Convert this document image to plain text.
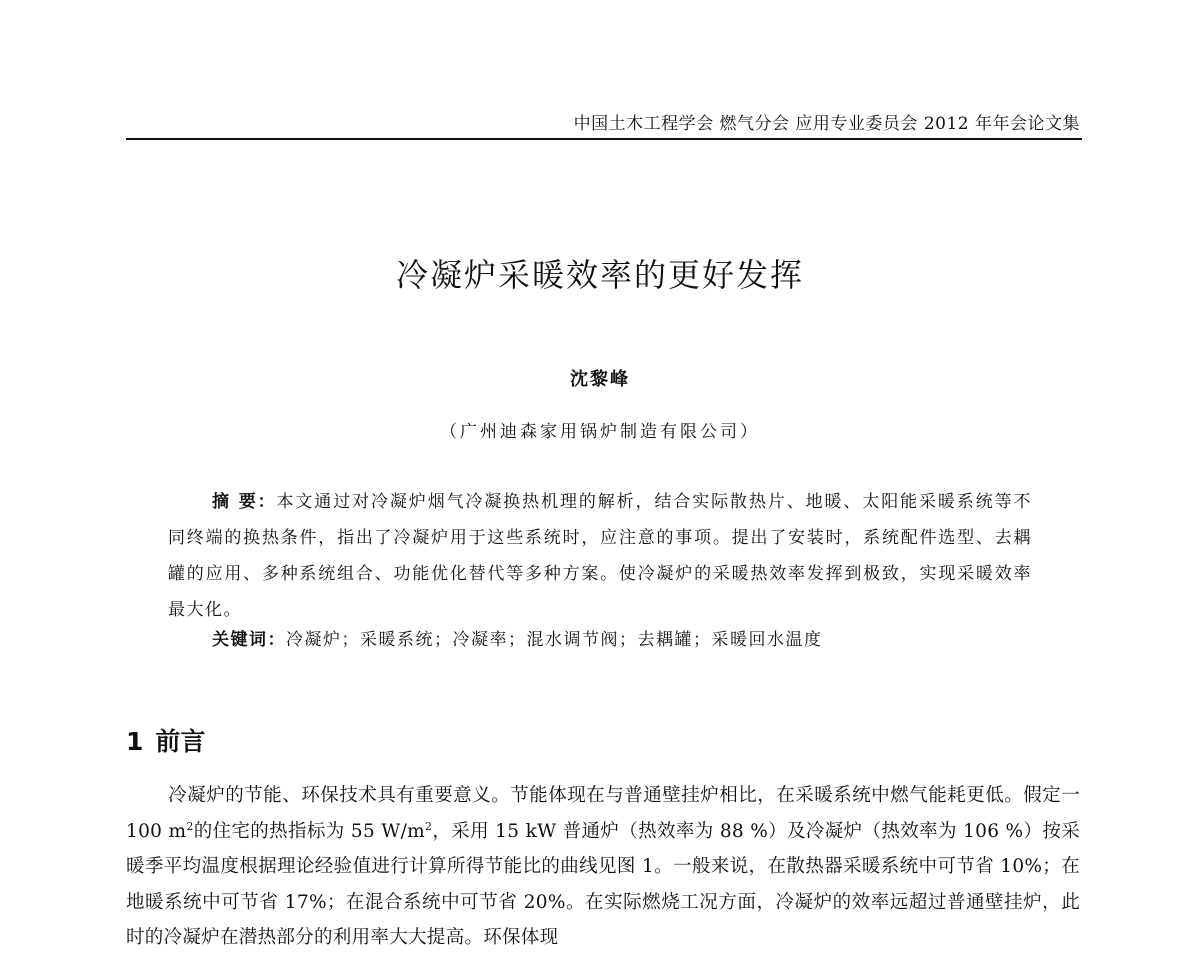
中国土木工程学会 燃气分会 应用专业委员会 2012 年年会论文集
冷凝炉采暖效率的更好发挥
沈黎峰
（广州迪森家用锅炉制造有限公司）
摘 要：本文通过对冷凝炉烟气冷凝换热机理的解析，结合实际散热片、地暖、太阳能采暖系统等不同终端的换热条件，指出了冷凝炉用于这些系统时，应注意的事项。提出了安装时，系统配件选型、去耦罐的应用、多种系统组合、功能优化替代等多种方案。使冷凝炉的采暖热效率发挥到极致，实现采暖效率最大化。
关键词：冷凝炉；采暖系统；冷凝率；混水调节阀；去耦罐；采暖回水温度
1 前言
冷凝炉的节能、环保技术具有重要意义。节能体现在与普通壁挂炉相比，在采暖系统中燃气能耗更低。假定一 100 $m^2$的住宅的热指标为 55 $W/m^2$，采用 15 kW 普通炉（热效率为 88 %）及冷凝炉（热效率为 106 %）按采暖季平均温度根据理论经验值进行计算所得节能比的曲线见图 1。一般来说，在散热器采暖系统中可节省 10%；在地暖系统中可节省 17%；在混合系统中可节省 20%。在实际燃烧工况方面，冷凝炉的效率远超过普通壁挂炉，此时的冷凝炉在潜热部分的利用率大大提高。环保体现
